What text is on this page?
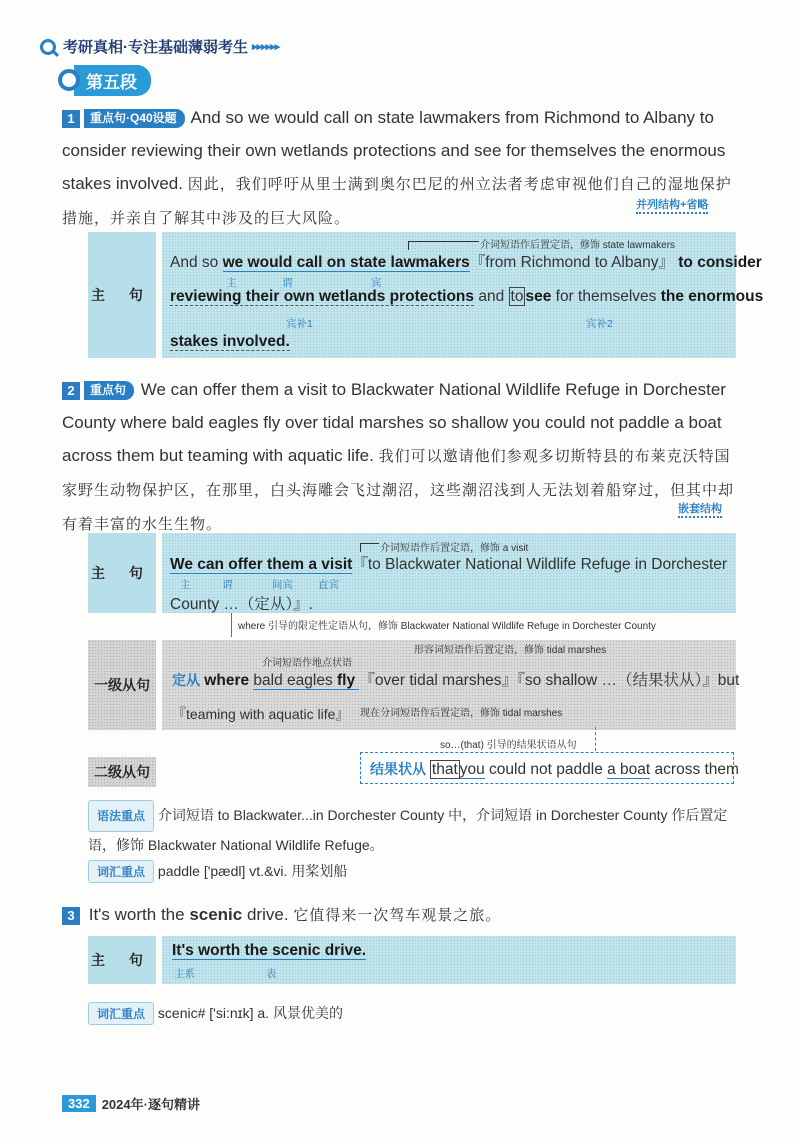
考研真相·专注基础薄弱考生 ▸▸▸▸▸▸
第五段
1 重点句·Q40设题 And so we would call on state lawmakers from Richmond to Albany to consider reviewing their own wetlands protections and see for themselves the enormous stakes involved. 因此，我们呼吁从里士满到奥尔巴尼的州立法者考虑审视他们自己的湿地保护措施，并亲自了解其中涉及的巨大风险。
并列结构+省略
主 句
介词短语作后置定语，修饰 state lawmakers
And so we would call on state lawmakers『from Richmond to Albany』 to consider
主	谓	宾
reviewing their own wetlands protections and to see for themselves the enormous
宾补1	宾补2
stakes involved.
2 重点句 We can offer them a visit to Blackwater National Wildlife Refuge in Dorchester County where bald eagles fly over tidal marshes so shallow you could not paddle a boat across them but teaming with aquatic life. 我们可以邀请他们参观多切斯特县的布莱克沃特国家野生动物保护区，在那里，白头海雕会飞过潮沼，这些潮沼浅到人无法划着船穿过，但其中却有着丰富的水生生物。
嵌套结构
主 句
介词短语作后置定语，修饰 a visit
We can offer them a visit『to Blackwater National Wildlife Refuge in Dorchester
主	谓	间宾 直宾
County …（定从）』.
where 引导的限定性定语从句，修饰 Blackwater National Wildlife Refuge in Dorchester County
一级从句
形容词短语作后置定语，修饰 tidal marshes
介词短语作地点状语
定从 where bald eagles fly 『over tidal marshes』『so shallow …（结果状从）』but
『teaming with aquatic life』 现在分词短语作后置定语，修饰 tidal marshes
so…(that) 引导的结果状语从句
二级从句	结果状从 that you could not paddle a boat across them
语法重点 介词短语 to Blackwater...in Dorchester County 中，介词短语 in Dorchester County 作后置定语，修饰 Blackwater National Wildlife Refuge。
词汇重点 paddle ['pædl] vt.&vi. 用桨划船
3 It's worth the scenic drive. 它值得来一次驾车观景之旅。
主 句
It's worth the scenic drive.
主系	表
词汇重点 scenic# ['si:nɪk] a. 风景优美的
332 2024年·逐句精讲
